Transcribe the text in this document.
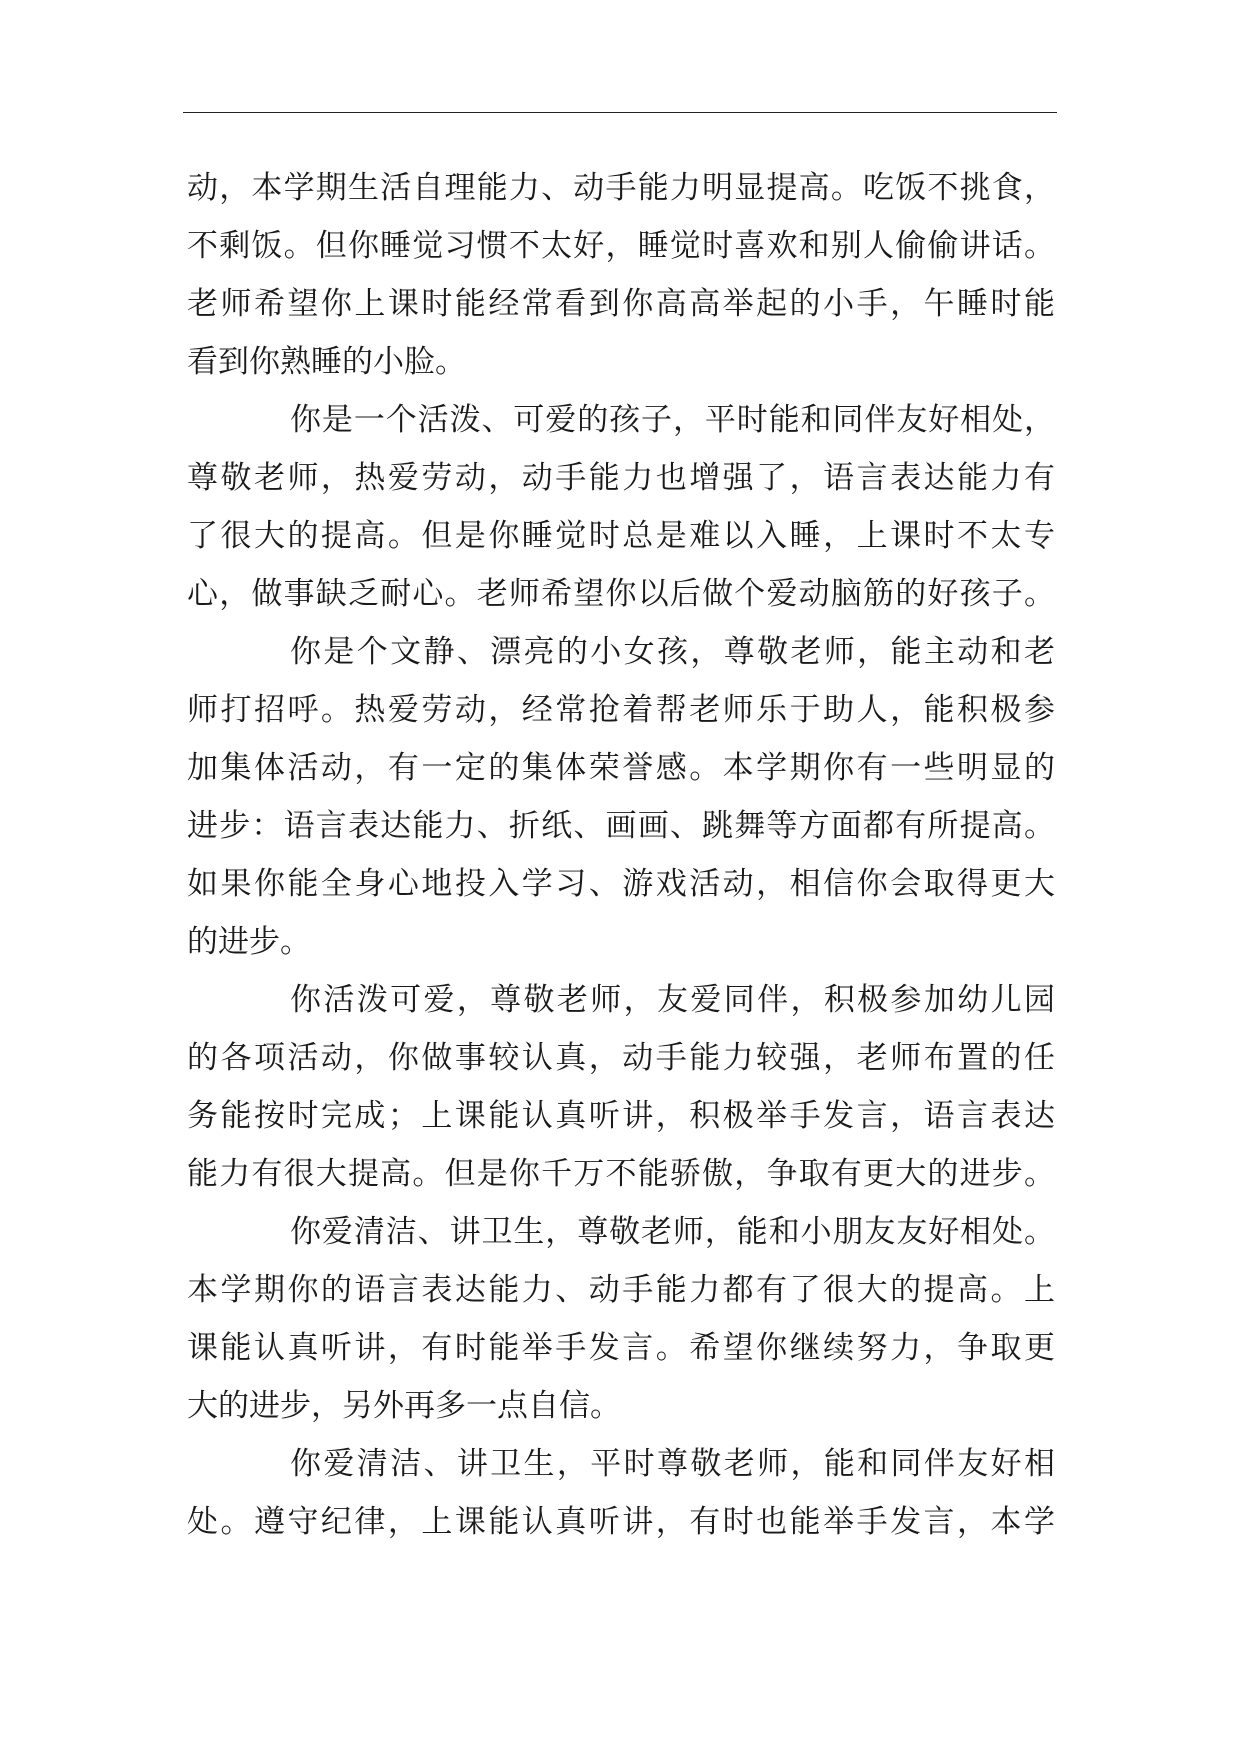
动，本学期生活自理能力、动手能力明显提高。吃饭不挑食，
不剩饭。但你睡觉习惯不太好，睡觉时喜欢和别人偷偷讲话。
老师希望你上课时能经常看到你高高举起的小手，午睡时能
看到你熟睡的小脸。
你是一个活泼、可爱的孩子，平时能和同伴友好相处，
尊敬老师，热爱劳动，动手能力也增强了，语言表达能力有
了很大的提高。但是你睡觉时总是难以入睡，上课时不太专
心，做事缺乏耐心。老师希望你以后做个爱动脑筋的好孩子。
你是个文静、漂亮的小女孩，尊敬老师，能主动和老
师打招呼。热爱劳动，经常抢着帮老师乐于助人，能积极参
加集体活动，有一定的集体荣誉感。本学期你有一些明显的
进步：语言表达能力、折纸、画画、跳舞等方面都有所提高。
如果你能全身心地投入学习、游戏活动，相信你会取得更大
的进步。
你活泼可爱，尊敬老师，友爱同伴，积极参加幼儿园
的各项活动，你做事较认真，动手能力较强，老师布置的任
务能按时完成；上课能认真听讲，积极举手发言，语言表达
能力有很大提高。但是你千万不能骄傲，争取有更大的进步。
你爱清洁、讲卫生，尊敬老师，能和小朋友友好相处。
本学期你的语言表达能力、动手能力都有了很大的提高。上
课能认真听讲，有时能举手发言。希望你继续努力，争取更
大的进步，另外再多一点自信。
你爱清洁、讲卫生，平时尊敬老师，能和同伴友好相
处。遵守纪律，上课能认真听讲，有时也能举手发言，本学
